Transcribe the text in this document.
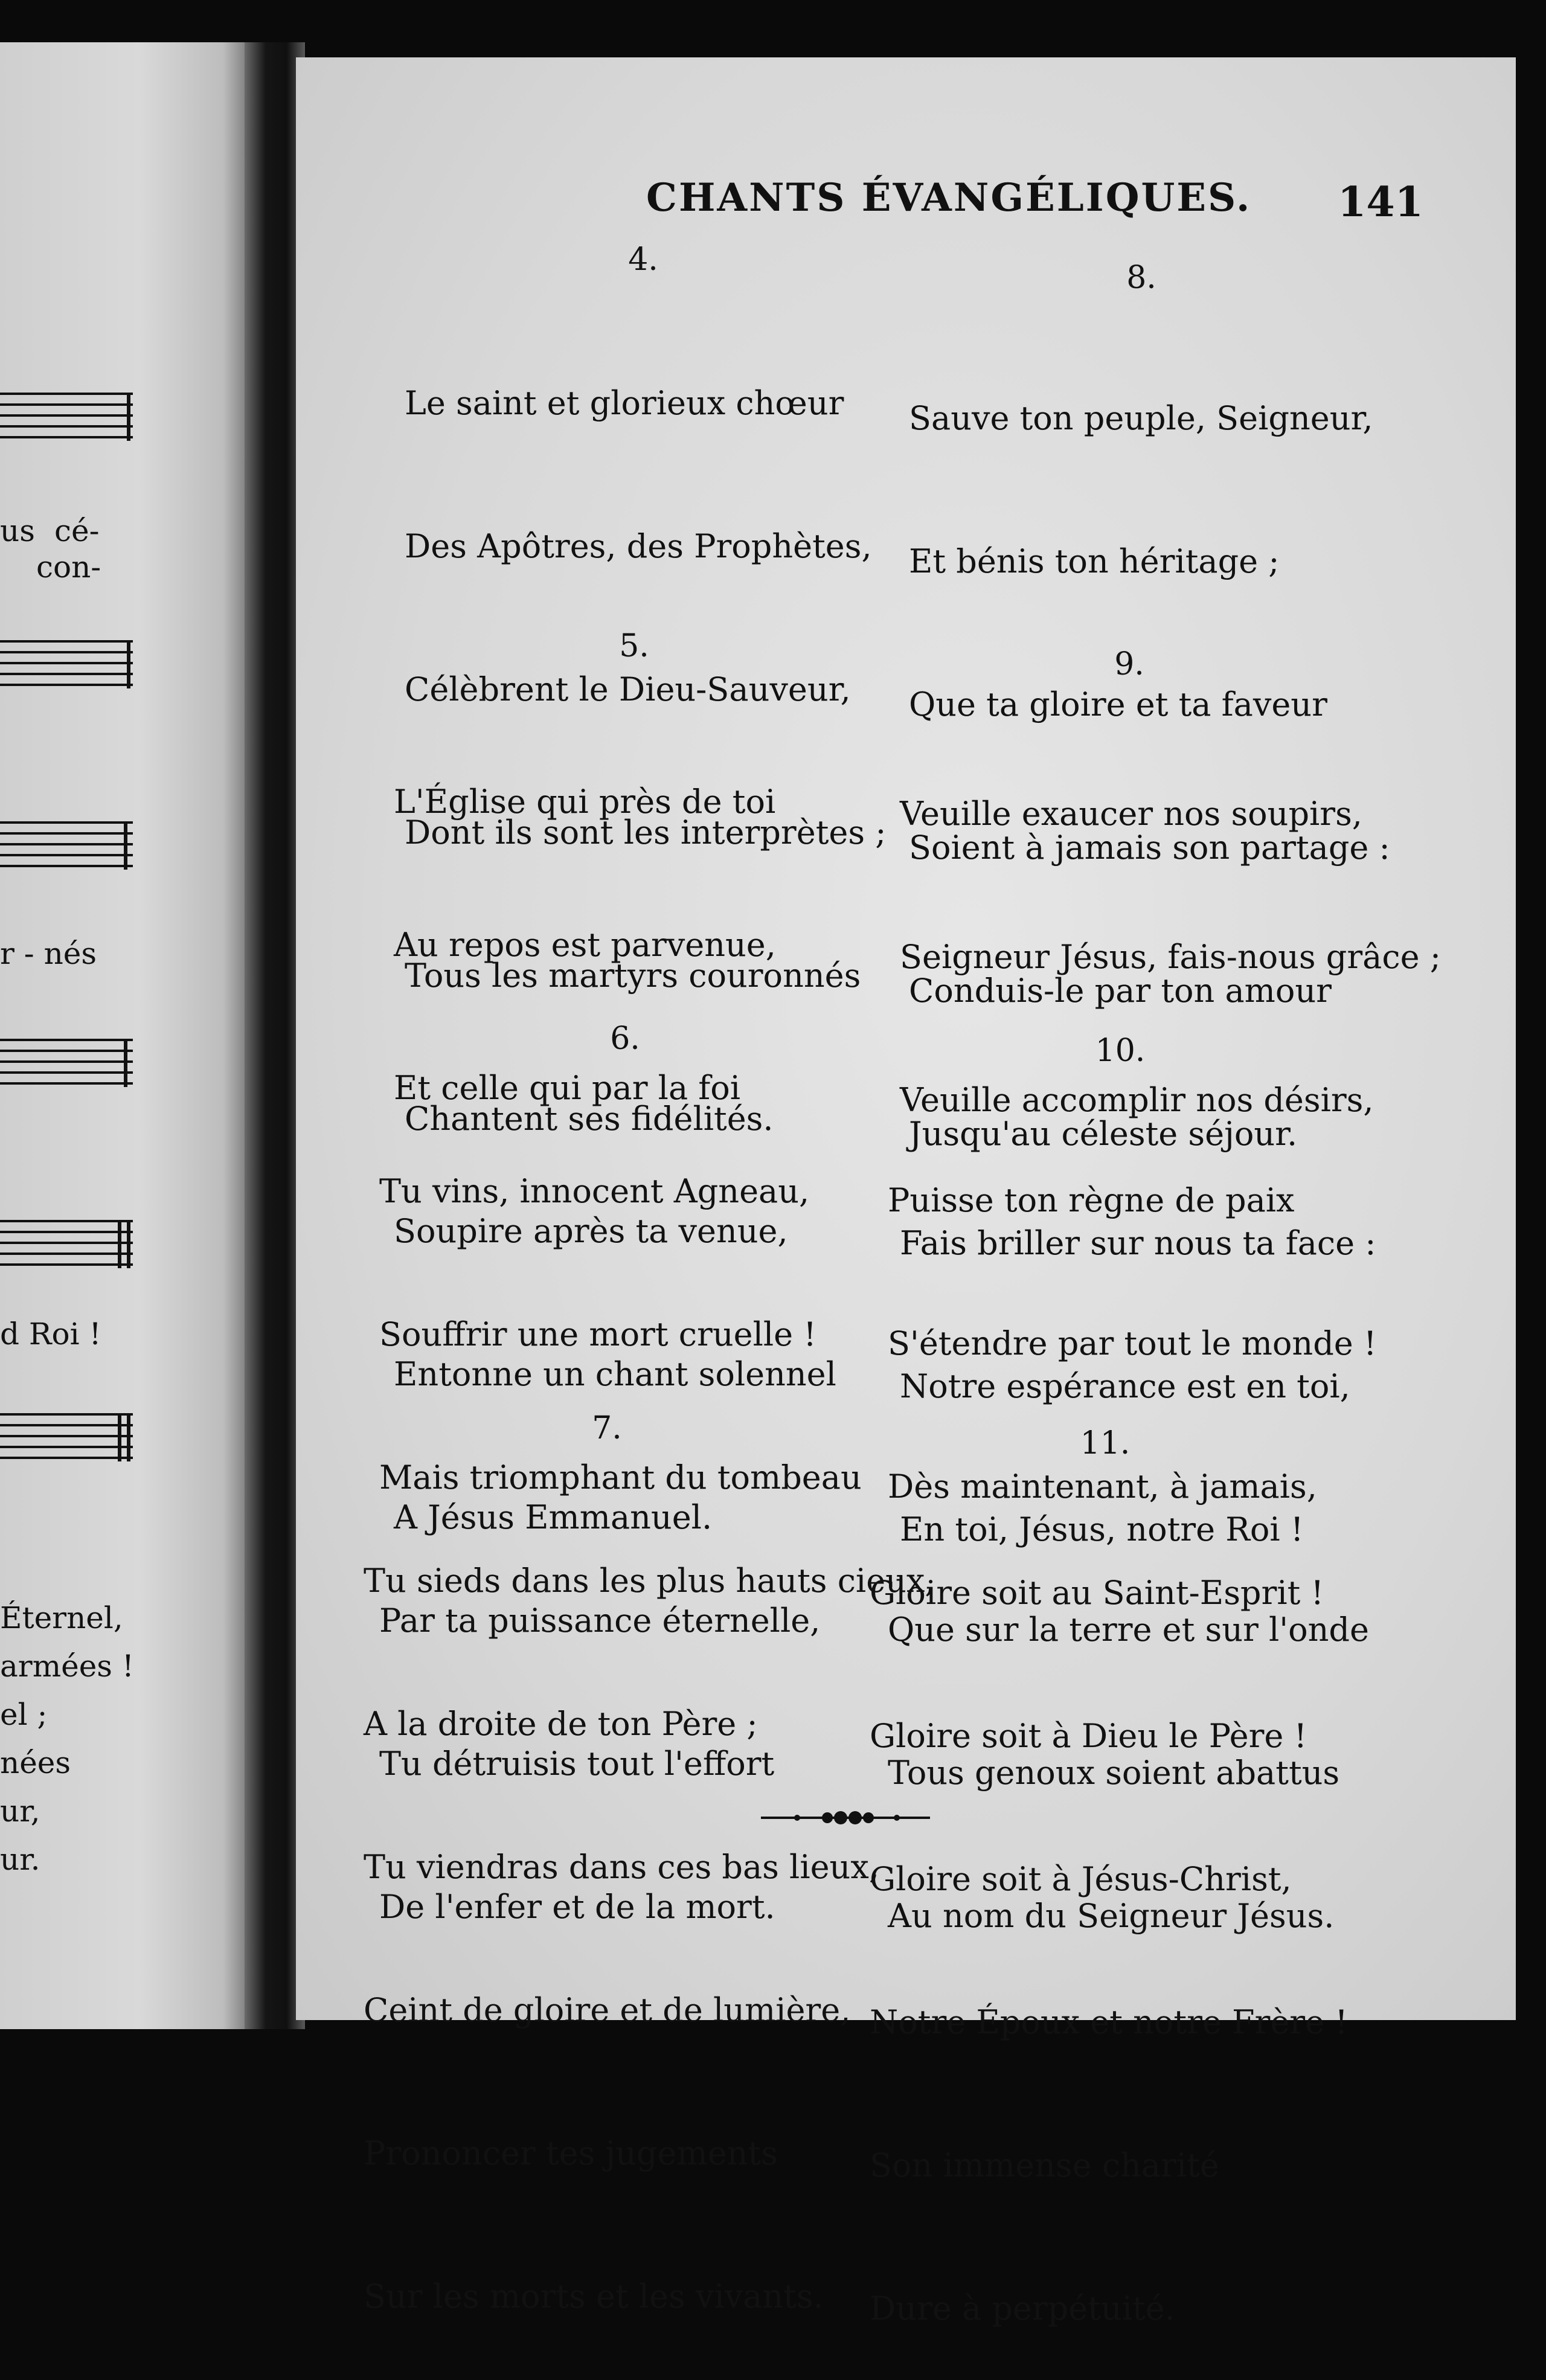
us cé-
con-
r - nés
d Roi !
Éternel,
armées !
el ;
nées
ur,
ur.
CHANTS ÉVANGÉLIQUES. 141
4.

Le saint et glorieux chœur

Des Apôtres, des Prophètes,

Célèbrent le Dieu-Sauveur,

Dont ils sont les interprètes ;

Tous les martyrs couronnés

Chantent ses fidélités.

5.

L'Église qui près de toi

Au repos est parvenue,

Et celle qui par la foi

Soupire après ta venue,

Entonne un chant solennel

A Jésus Emmanuel.

6.

Tu vins, innocent Agneau,

Souffrir une mort cruelle !

Mais triomphant du tombeau

Par ta puissance éternelle,

Tu détruisis tout l'effort

De l'enfer et de la mort.

7.

Tu sieds dans les plus hauts cieux,

A la droite de ton Père ;

Tu viendras dans ces bas lieux,

Ceint de gloire et de lumière,

Prononcer tes jugements

Sur les morts et les vivants.

8.

Sauve ton peuple, Seigneur,

Et bénis ton héritage ;

Que ta gloire et ta faveur

Soient à jamais son partage :

Conduis-le par ton amour

Jusqu'au céleste séjour.

9.

Veuille exaucer nos soupirs,

Seigneur Jésus, fais-nous grâce ;

Veuille accomplir nos désirs,

Fais briller sur nous ta face :

Notre espérance est en toi,

En toi, Jésus, notre Roi !

10.

Puisse ton règne de paix

S'étendre par tout le monde !

Dès maintenant, à jamais,

Que sur la terre et sur l'onde

Tous genoux soient abattus

Au nom du Seigneur Jésus.

11.

Gloire soit au Saint-Esprit !

Gloire soit à Dieu le Père !

Gloire soit à Jésus-Christ,

Notre Époux et notre Frère !

Son immense charité

Dure à perpétuité.
